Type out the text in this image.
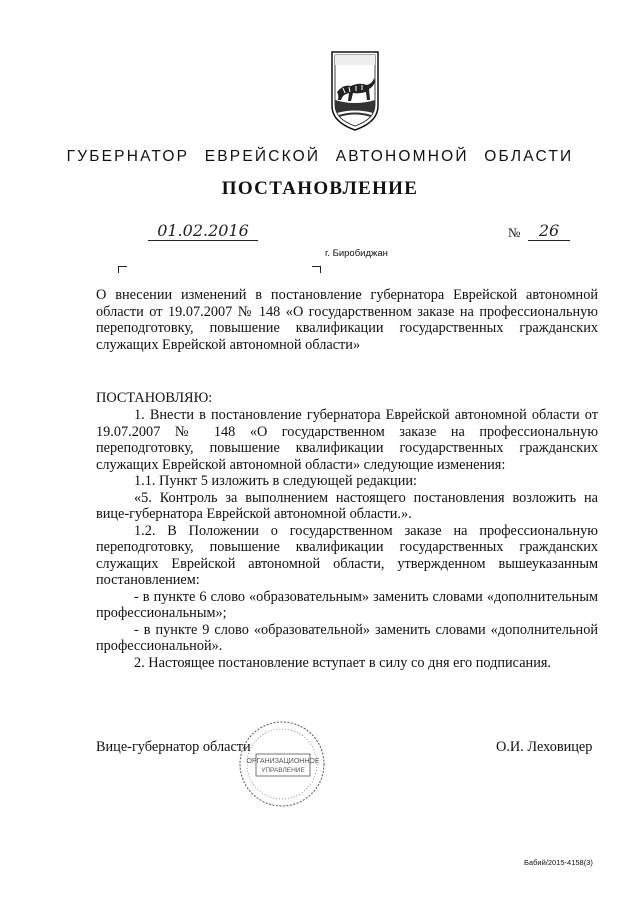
ГУБЕРНАТОР ЕВРЕЙСКОЙ АВТОНОМНОЙ ОБЛАСТИ
ПОСТАНОВЛЕНИЕ
01.02.2016	№	26
г. Биробиджан
О внесении изменений в постановление губернатора Еврейской автономной области от 19.07.2007 № 148 «О государственном заказе на профессиональную переподготовку, повышение квалификации государственных гражданских служащих Еврейской автономной области»
ПОСТАНОВЛЯЮ:

1. Внести в постановление губернатора Еврейской автономной области от 19.07.2007 № 148 «О государственном заказе на профессиональную переподготовку, повышение квалификации государственных гражданских служащих Еврейской автономной области» следующие изменения:

1.1. Пункт 5 изложить в следующей редакции:

«5. Контроль за выполнением настоящего постановления возложить на вице-губернатора Еврейской автономной области.».

1.2. В Положении о государственном заказе на профессиональную переподготовку, повышение квалификации государственных гражданских служащих Еврейской автономной области, утвержденном вышеуказанным постановлением:

- в пункте 6 слово «образовательным» заменить словами «дополнительным профессиональным»;

- в пункте 9 слово «образовательной» заменить словами «дополнительной профессиональной».

2. Настоящее постановление вступает в силу со дня его подписания.

Вице-губернатор области	О.И. Леховицер
ОРГАНИЗАЦИОННОЕ
УПРАВЛЕНИЕ
Бабий/2015-4158(3)
